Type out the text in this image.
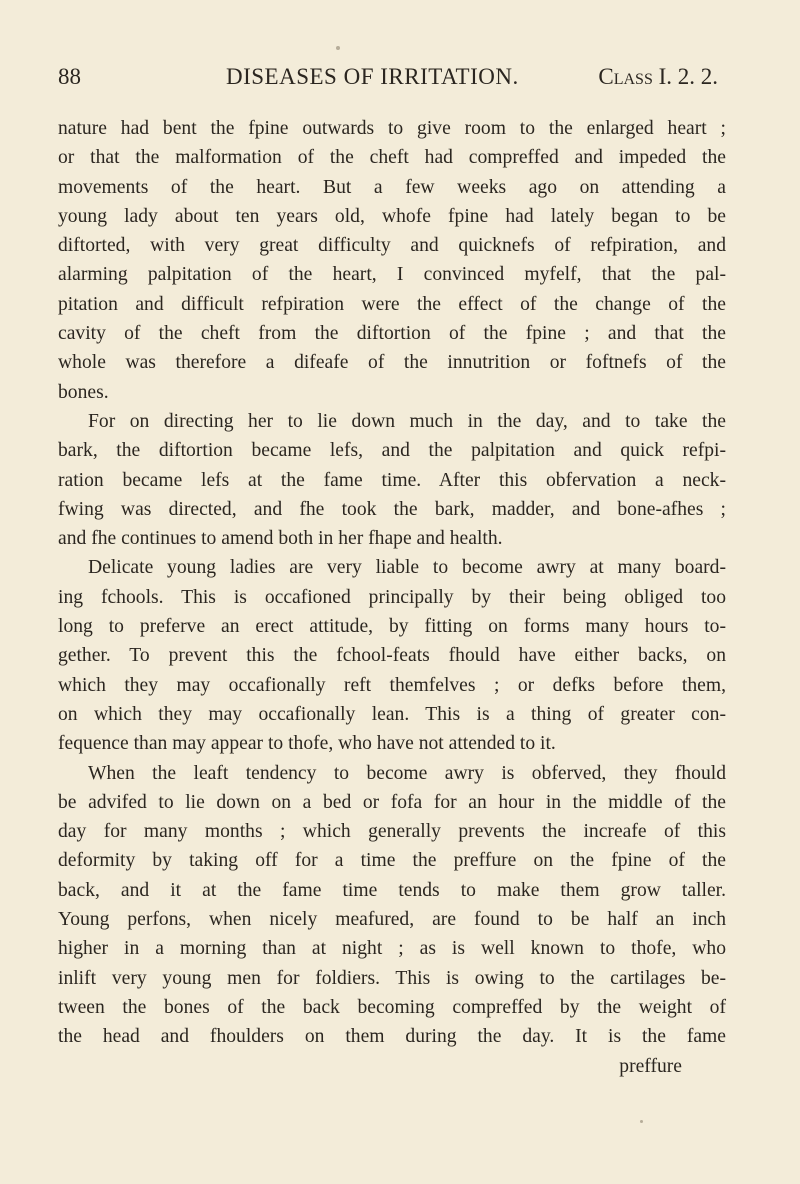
88	DISEASES OF IRRITATION.	Class I. 2. 2.
nature had bent the fpine outwards to give room to the enlarged heart ;
or that the malformation of the cheft had compreffed and impeded the
movements of the heart. But a few weeks ago on attending a
young lady about ten years old, whofe fpine had lately began to be
diftorted, with very great difficulty and quicknefs of refpiration, and
alarming palpitation of the heart, I convinced myfelf, that the pal-
pitation and difficult refpiration were the effect of the change of the
cavity of the cheft from the diftortion of the fpine ; and that the
whole was therefore a difeafe of the innutrition or foftnefs of the
bones.
For on directing her to lie down much in the day, and to take the
bark, the diftortion became lefs, and the palpitation and quick refpi-
ration became lefs at the fame time. After this obfervation a neck-
fwing was directed, and fhe took the bark, madder, and bone-afhes ;
and fhe continues to amend both in her fhape and health.
Delicate young ladies are very liable to become awry at many board-
ing fchools. This is occafioned principally by their being obliged too
long to preferve an erect attitude, by fitting on forms many hours to-
gether. To prevent this the fchool-feats fhould have either backs, on
which they may occafionally reft themfelves ; or defks before them,
on which they may occafionally lean. This is a thing of greater con-
fequence than may appear to thofe, who have not attended to it.
When the leaft tendency to become awry is obferved, they fhould
be advifed to lie down on a bed or fofa for an hour in the middle of the
day for many months ; which generally prevents the increafe of this
deformity by taking off for a time the preffure on the fpine of the
back, and it at the fame time tends to make them grow taller.
Young perfons, when nicely meafured, are found to be half an inch
higher in a morning than at night ; as is well known to thofe, who
inlift very young men for foldiers. This is owing to the cartilages be-
tween the bones of the back becoming compreffed by the weight of
the head and fhoulders on them during the day. It is the fame
preffure
